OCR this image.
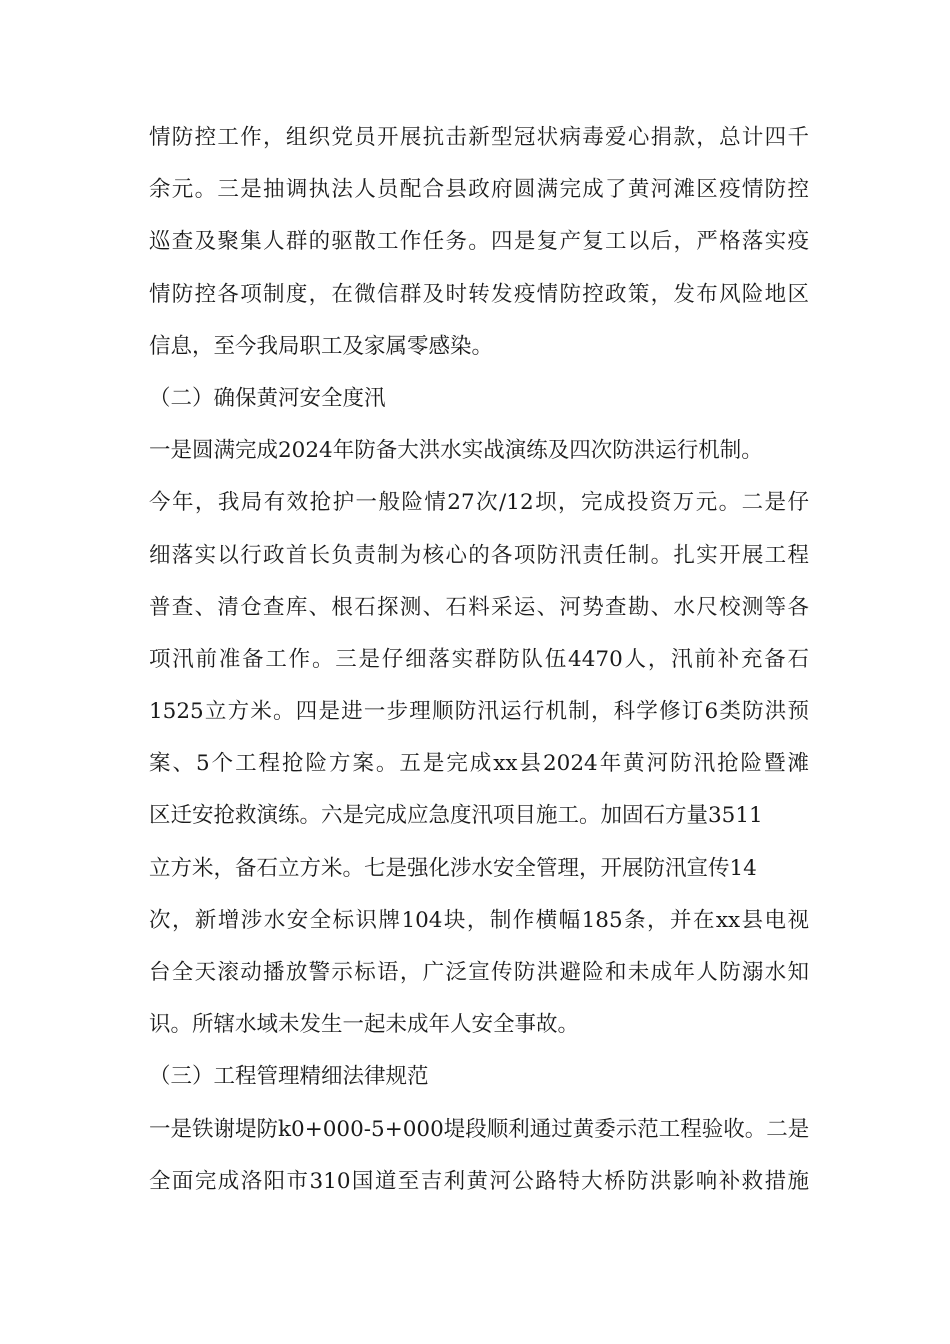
情防控工作，组织党员开展抗击新型冠状病毒爱心捐款，总计四千
余元。三是抽调执法人员配合县政府圆满完成了黄河滩区疫情防控
巡查及聚集人群的驱散工作任务。四是复产复工以后，严格落实疫
情防控各项制度，在微信群及时转发疫情防控政策，发布风险地区
信息，至今我局职工及家属零感染。
（二）确保黄河安全度汛
一是圆满完成2024年防备大洪水实战演练及四次防洪运行机制。
今年，我局有效抢护一般险情27次/12坝，完成投资万元。二是仔
细落实以行政首长负责制为核心的各项防汛责任制。扎实开展工程
普查、清仓查库、根石探测、石料采运、河势查勘、水尺校测等各
项汛前准备工作。三是仔细落实群防队伍4470人，汛前补充备石
1525立方米。四是进一步理顺防汛运行机制，科学修订6类防洪预
案、5个工程抢险方案。五是完成xx县2024年黄河防汛抢险暨滩
区迁安抢救演练。六是完成应急度汛项目施工。加固石方量3511
立方米，备石立方米。七是强化涉水安全管理，开展防汛宣传14
次，新增涉水安全标识牌104块，制作横幅185条，并在xx县电视
台全天滚动播放警示标语，广泛宣传防洪避险和未成年人防溺水知
识。所辖水域未发生一起未成年人安全事故。
（三）工程管理精细法律规范
一是铁谢堤防k0+000-5+000堤段顺利通过黄委示范工程验收。二是
全面完成洛阳市310国道至吉利黄河公路特大桥防洪影响补救措施
